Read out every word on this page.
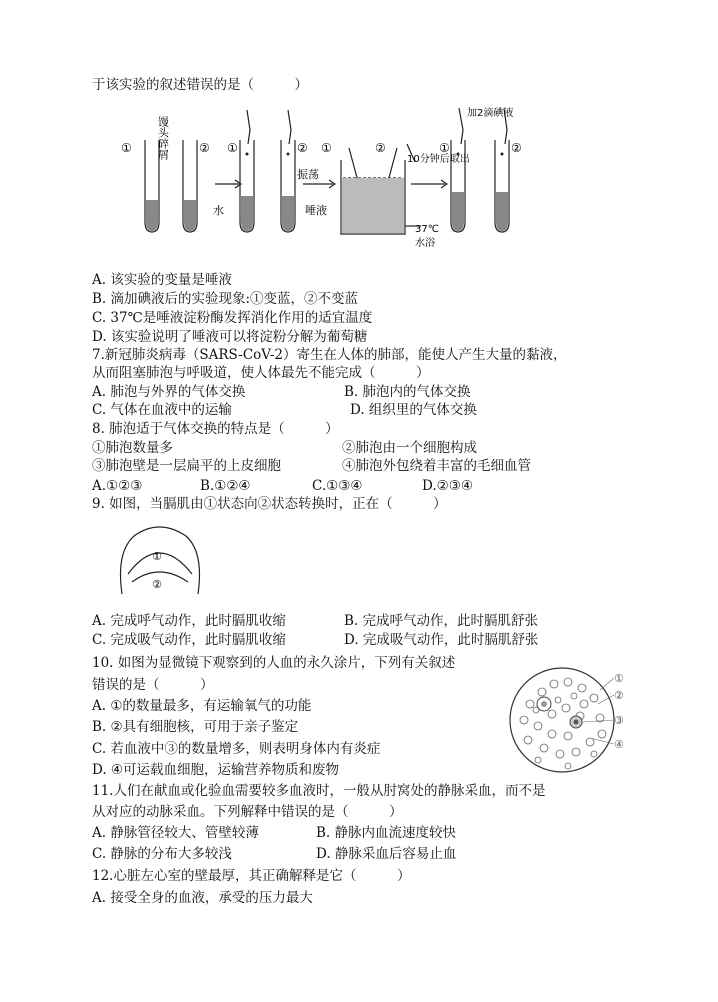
于该实验的叙述错误的是（　　　）
①	② ①	② ①	②	①	②
馒头碎屑
水
振荡
唾液
10分钟后取出
37℃
水浴
加2滴碘液
A. 该实验的变量是唾液
B. 滴加碘液后的实验现象:①变蓝，②不变蓝
C. 37℃是唾液淀粉酶发挥消化作用的适宜温度
D. 该实验说明了唾液可以将淀粉分解为葡萄糖
7.新冠肺炎病毒（SARS-CoV-2）寄生在人体的肺部，能使人产生大量的黏液，
从而阻塞肺泡与呼吸道，使人体最先不能完成（　　　）
A. 肺泡与外界的气体交换	B. 肺泡内的气体交换
C. 气体在血液中的运输	D. 组织里的气体交换
8. 肺泡适于气体交换的特点是（　　　）
①肺泡数量多	②肺泡由一个细胞构成
③肺泡壁是一层扁平的上皮细胞	④肺泡外包绕着丰富的毛细血管
A.①②③	B.①②④	C.①③④	D.②③④
9. 如图，当膈肌由①状态向②状态转换时，正在（　　　）
①
②
A. 完成呼气动作，此时膈肌收缩	B. 完成呼气动作，此时膈肌舒张
C. 完成吸气动作，此时膈肌收缩	D. 完成吸气动作，此时膈肌舒张
10. 如图为显微镜下观察到的人血的永久涂片，下列有关叙述
错误的是（　　　）
A. ①的数量最多，有运输氧气的功能
B. ②具有细胞核，可用于亲子鉴定
C. 若血液中③的数量增多，则表明身体内有炎症
D. ④可运载血细胞，运输营养物质和废物
①
②
③
④
11.人们在献血或化验血需要较多血液时，一般从肘窝处的静脉采血，而不是
从对应的动脉采血。下列解释中错误的是（　　　）
A. 静脉管径较大、管壁较薄	B. 静脉内血流速度较快
C. 静脉的分布大多较浅	D. 静脉采血后容易止血
12.心脏左心室的壁最厚，其正确解释是它（　　　）
A. 接受全身的血液，承受的压力最大
